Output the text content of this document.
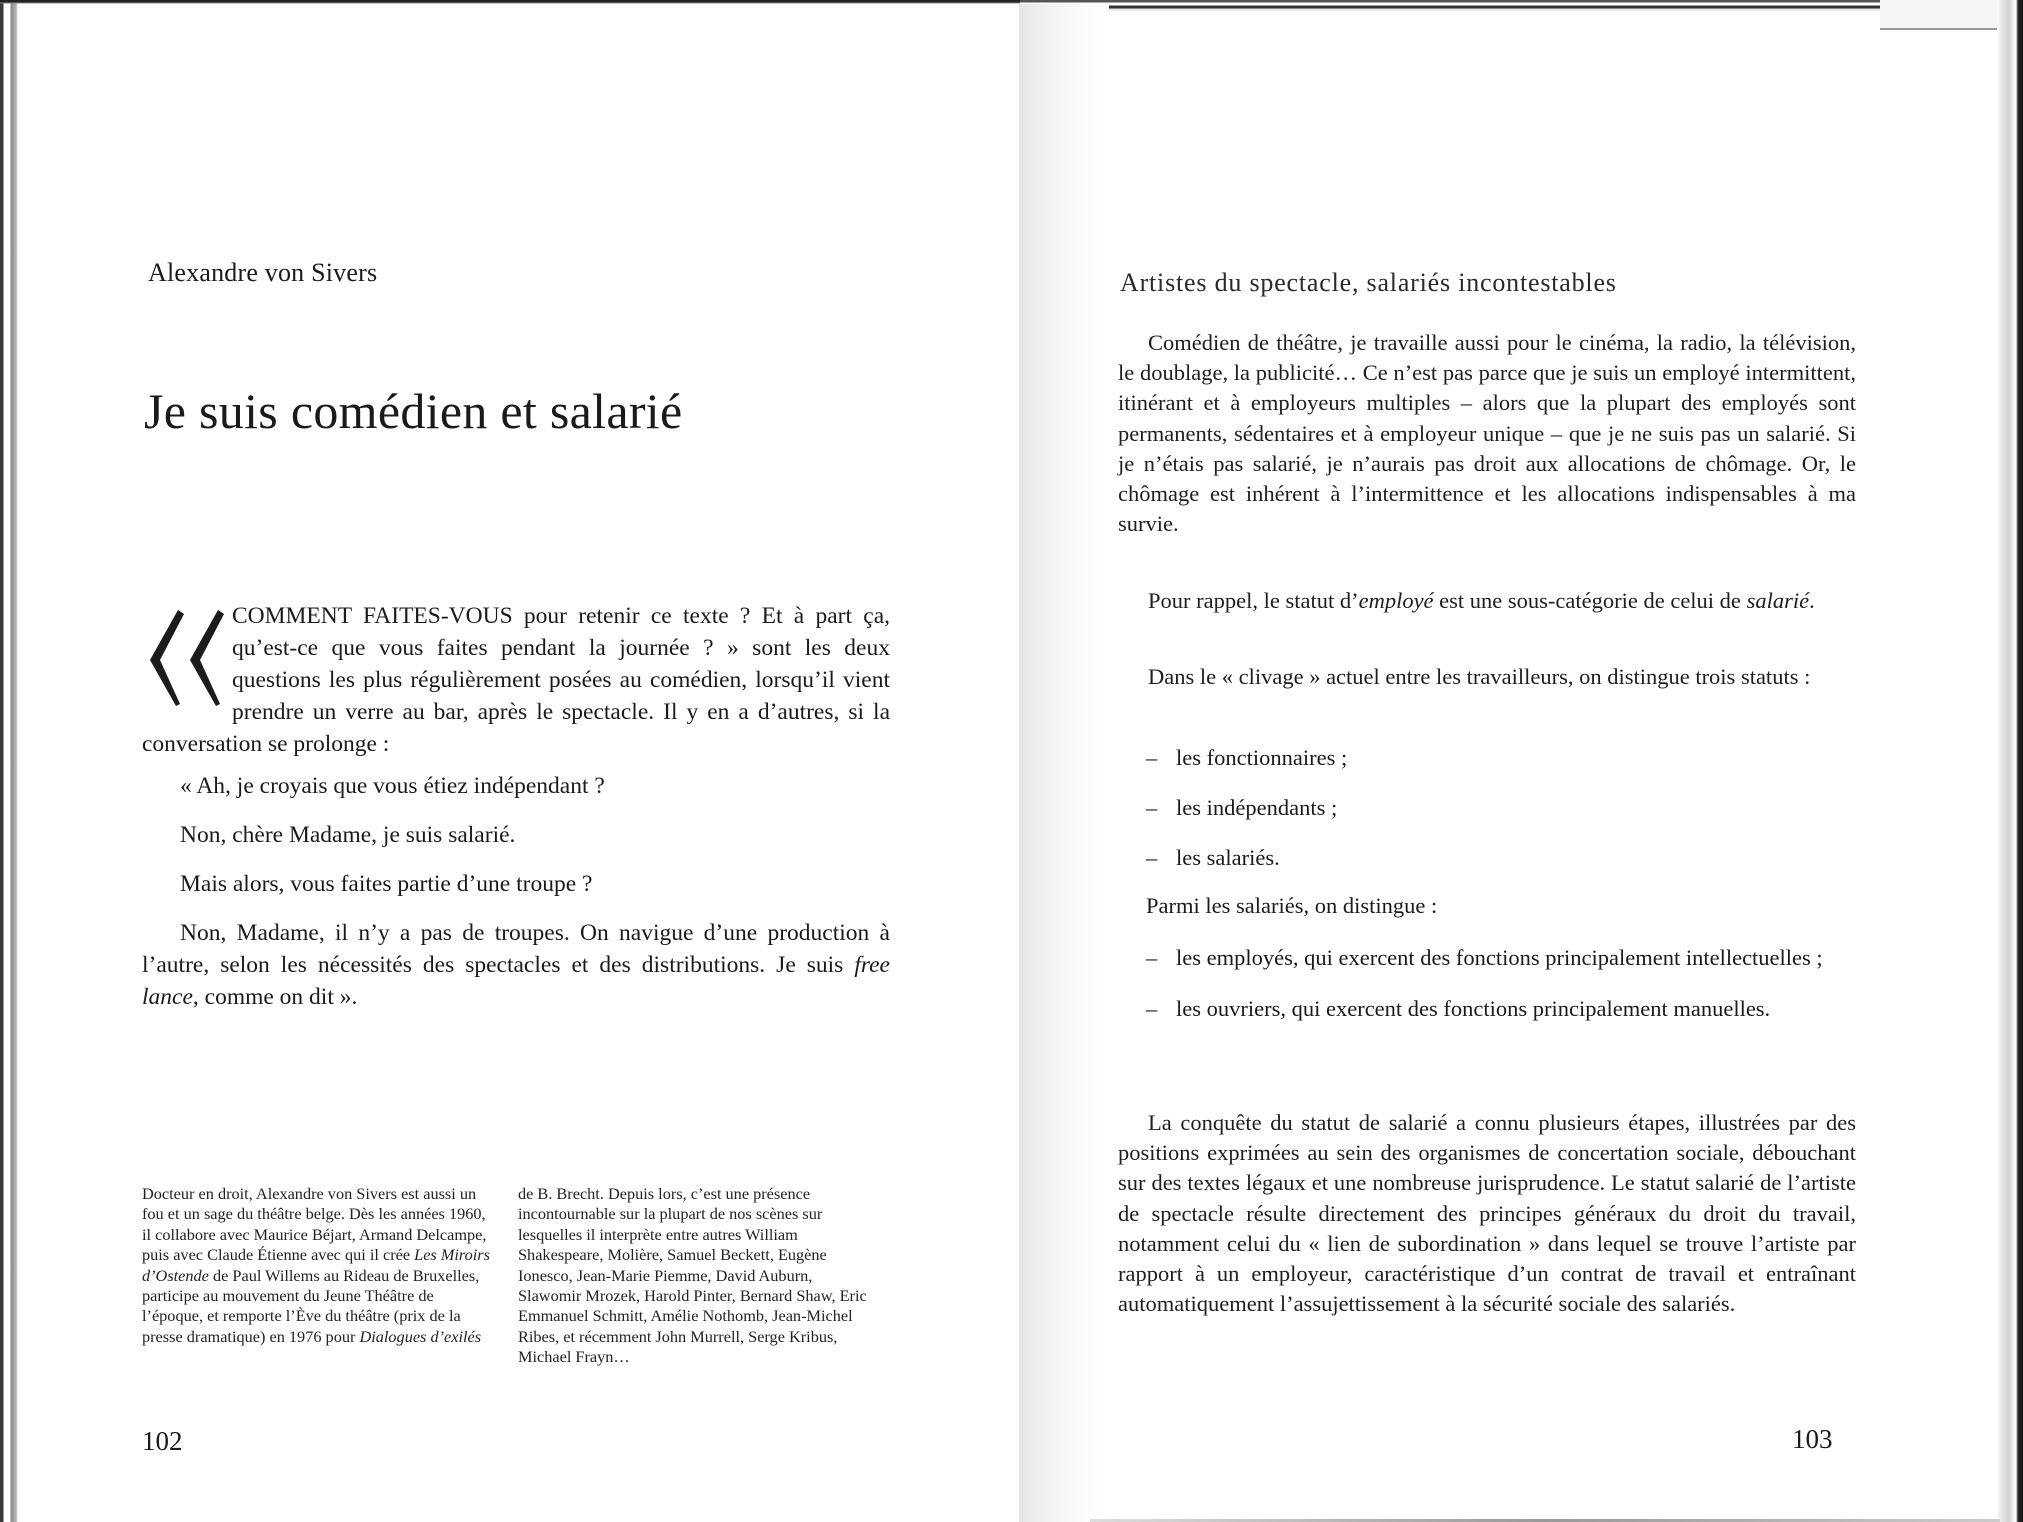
Alexandre von Sivers
Je suis comédien et salarié

COMMENT FAITES-VOUS pour retenir ce texte ? Et à part ça, qu’est-ce que vous faites pendant la journée ? » sont les deux questions les plus régulièrement posées au comédien, lorsqu’il vient prendre un verre au bar, après le spectacle. Il y en a d’autres, si la conversation se prolonge :

« Ah, je croyais que vous étiez indépendant ?

Non, chère Madame, je suis salarié.

Mais alors, vous faites partie d’une troupe ?

Non, Madame, il n’y a pas de troupes. On navigue d’une production à l’autre, selon les nécessités des spectacles et des distributions. Je suis free lance, comme on dit ».

Docteur en droit, Alexandre von Sivers est aussi un fou et un sage du théâtre belge. Dès les années 1960, il collabore avec Maurice Béjart, Armand Delcampe, puis avec Claude Étienne avec qui il crée Les Miroirs d’Ostende de Paul Willems au Rideau de Bruxelles, participe au mouvement du Jeune Théâtre de l’époque, et remporte l’Ève du théâtre (prix de la presse dramatique) en 1976 pour Dialogues d’exilés
de B. Brecht. Depuis lors, c’est une présence incontournable sur la plupart de nos scènes sur lesquelles il interprète entre autres William Shakespeare, Molière, Samuel Beckett, Eugène Ionesco, Jean-Marie Piemme, David Auburn, Slawomir Mrozek, Harold Pinter, Bernard Shaw, Eric Emmanuel Schmitt, Amélie Nothomb, Jean-Michel Ribes, et récemment John Murrell, Serge Kribus, Michael Frayn…
102
Artistes du spectacle, salariés incontestables

Comédien de théâtre, je travaille aussi pour le cinéma, la radio, la télévision, le doublage, la publicité… Ce n’est pas parce que je suis un employé intermittent, itinérant et à employeurs multiples – alors que la plupart des employés sont permanents, sédentaires et à employeur unique – que je ne suis pas un salarié. Si je n’étais pas salarié, je n’aurais pas droit aux allocations de chômage. Or, le chômage est inhérent à l’intermittence et les allocations indispensables à ma survie.

Pour rappel, le statut d’employé est une sous-catégorie de celui de salarié.

Dans le « clivage » actuel entre les travailleurs, on distingue trois statuts :

– les fonctionnaires ;
– les indépendants ;
– les salariés.
Parmi les salariés, on distingue :
– les employés, qui exercent des fonctions principalement intellectuelles ;
– les ouvriers, qui exercent des fonctions principalement manuelles.

La conquête du statut de salarié a connu plusieurs étapes, illustrées par des positions exprimées au sein des organismes de concertation sociale, débouchant sur des textes légaux et une nombreuse jurisprudence. Le statut salarié de l’artiste de spectacle résulte directement des principes généraux du droit du travail, notamment celui du « lien de subordination » dans lequel se trouve l’artiste par rapport à un employeur, caractéristique d’un contrat de travail et entraînant automatiquement l’assujettissement à la sécurité sociale des salariés.

103
